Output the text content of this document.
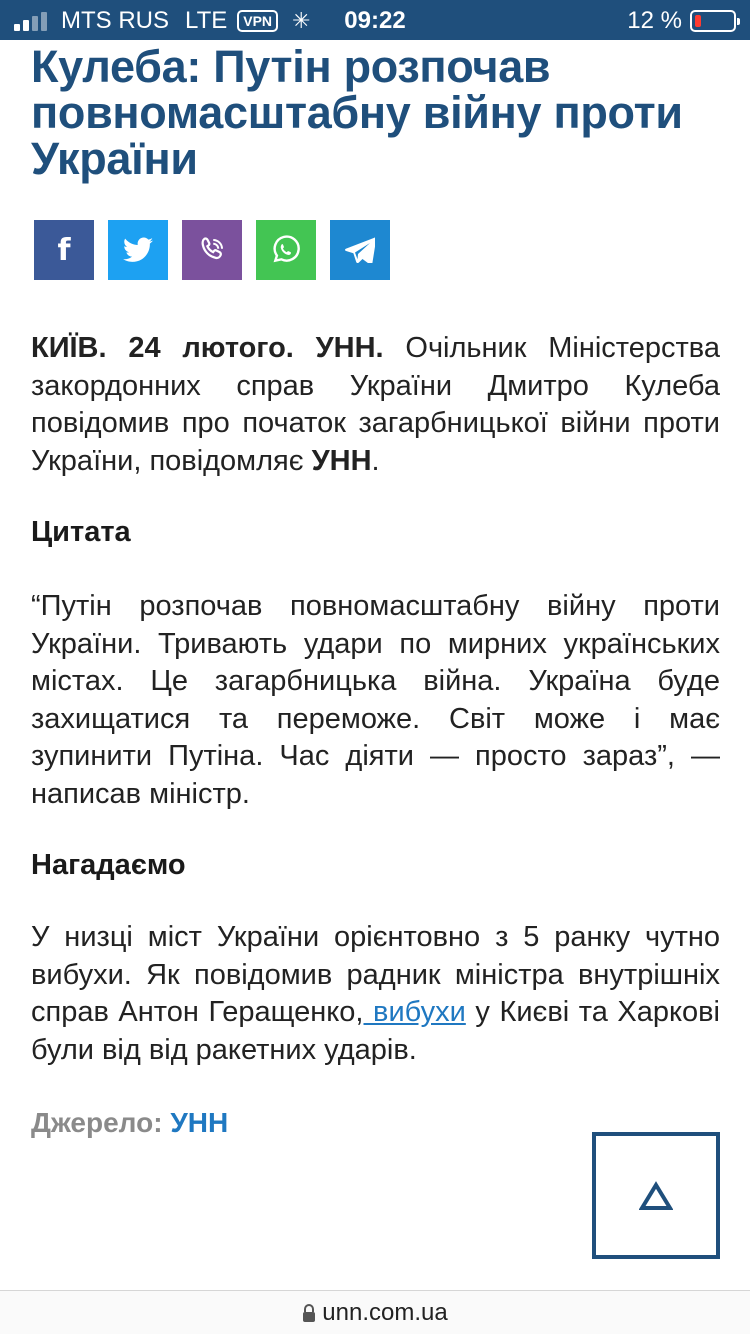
MTS RUS LTE	VPN ✳	09:22	12 %
Кулеба: Путін розпочав повномасштабну війну проти України
f

КИЇВ. 24 лютого. УНН. Очільник Міністерства закордонних справ України Дмитро Кулеба повідомив про початок загарбницької війни проти України, повідомляє УНН.

Цитата

“Путін розпочав повномасштабну війну проти України. Тривають удари по мирних українських містах. Це загарбницька війна. Україна буде захищатися та переможе. Світ може і має зупинити Путіна. Час діяти — просто зараз”, — написав міністр.

Нагадаємо

У низці міст України орієнтовно з 5 ранку чутно вибухи. Як повідомив радник міністра внутрішніх справ Антон Геращенко, вибухи у Києві та Харкові були від від ракетних ударів.

Джерело: УНН
unn.com.ua
